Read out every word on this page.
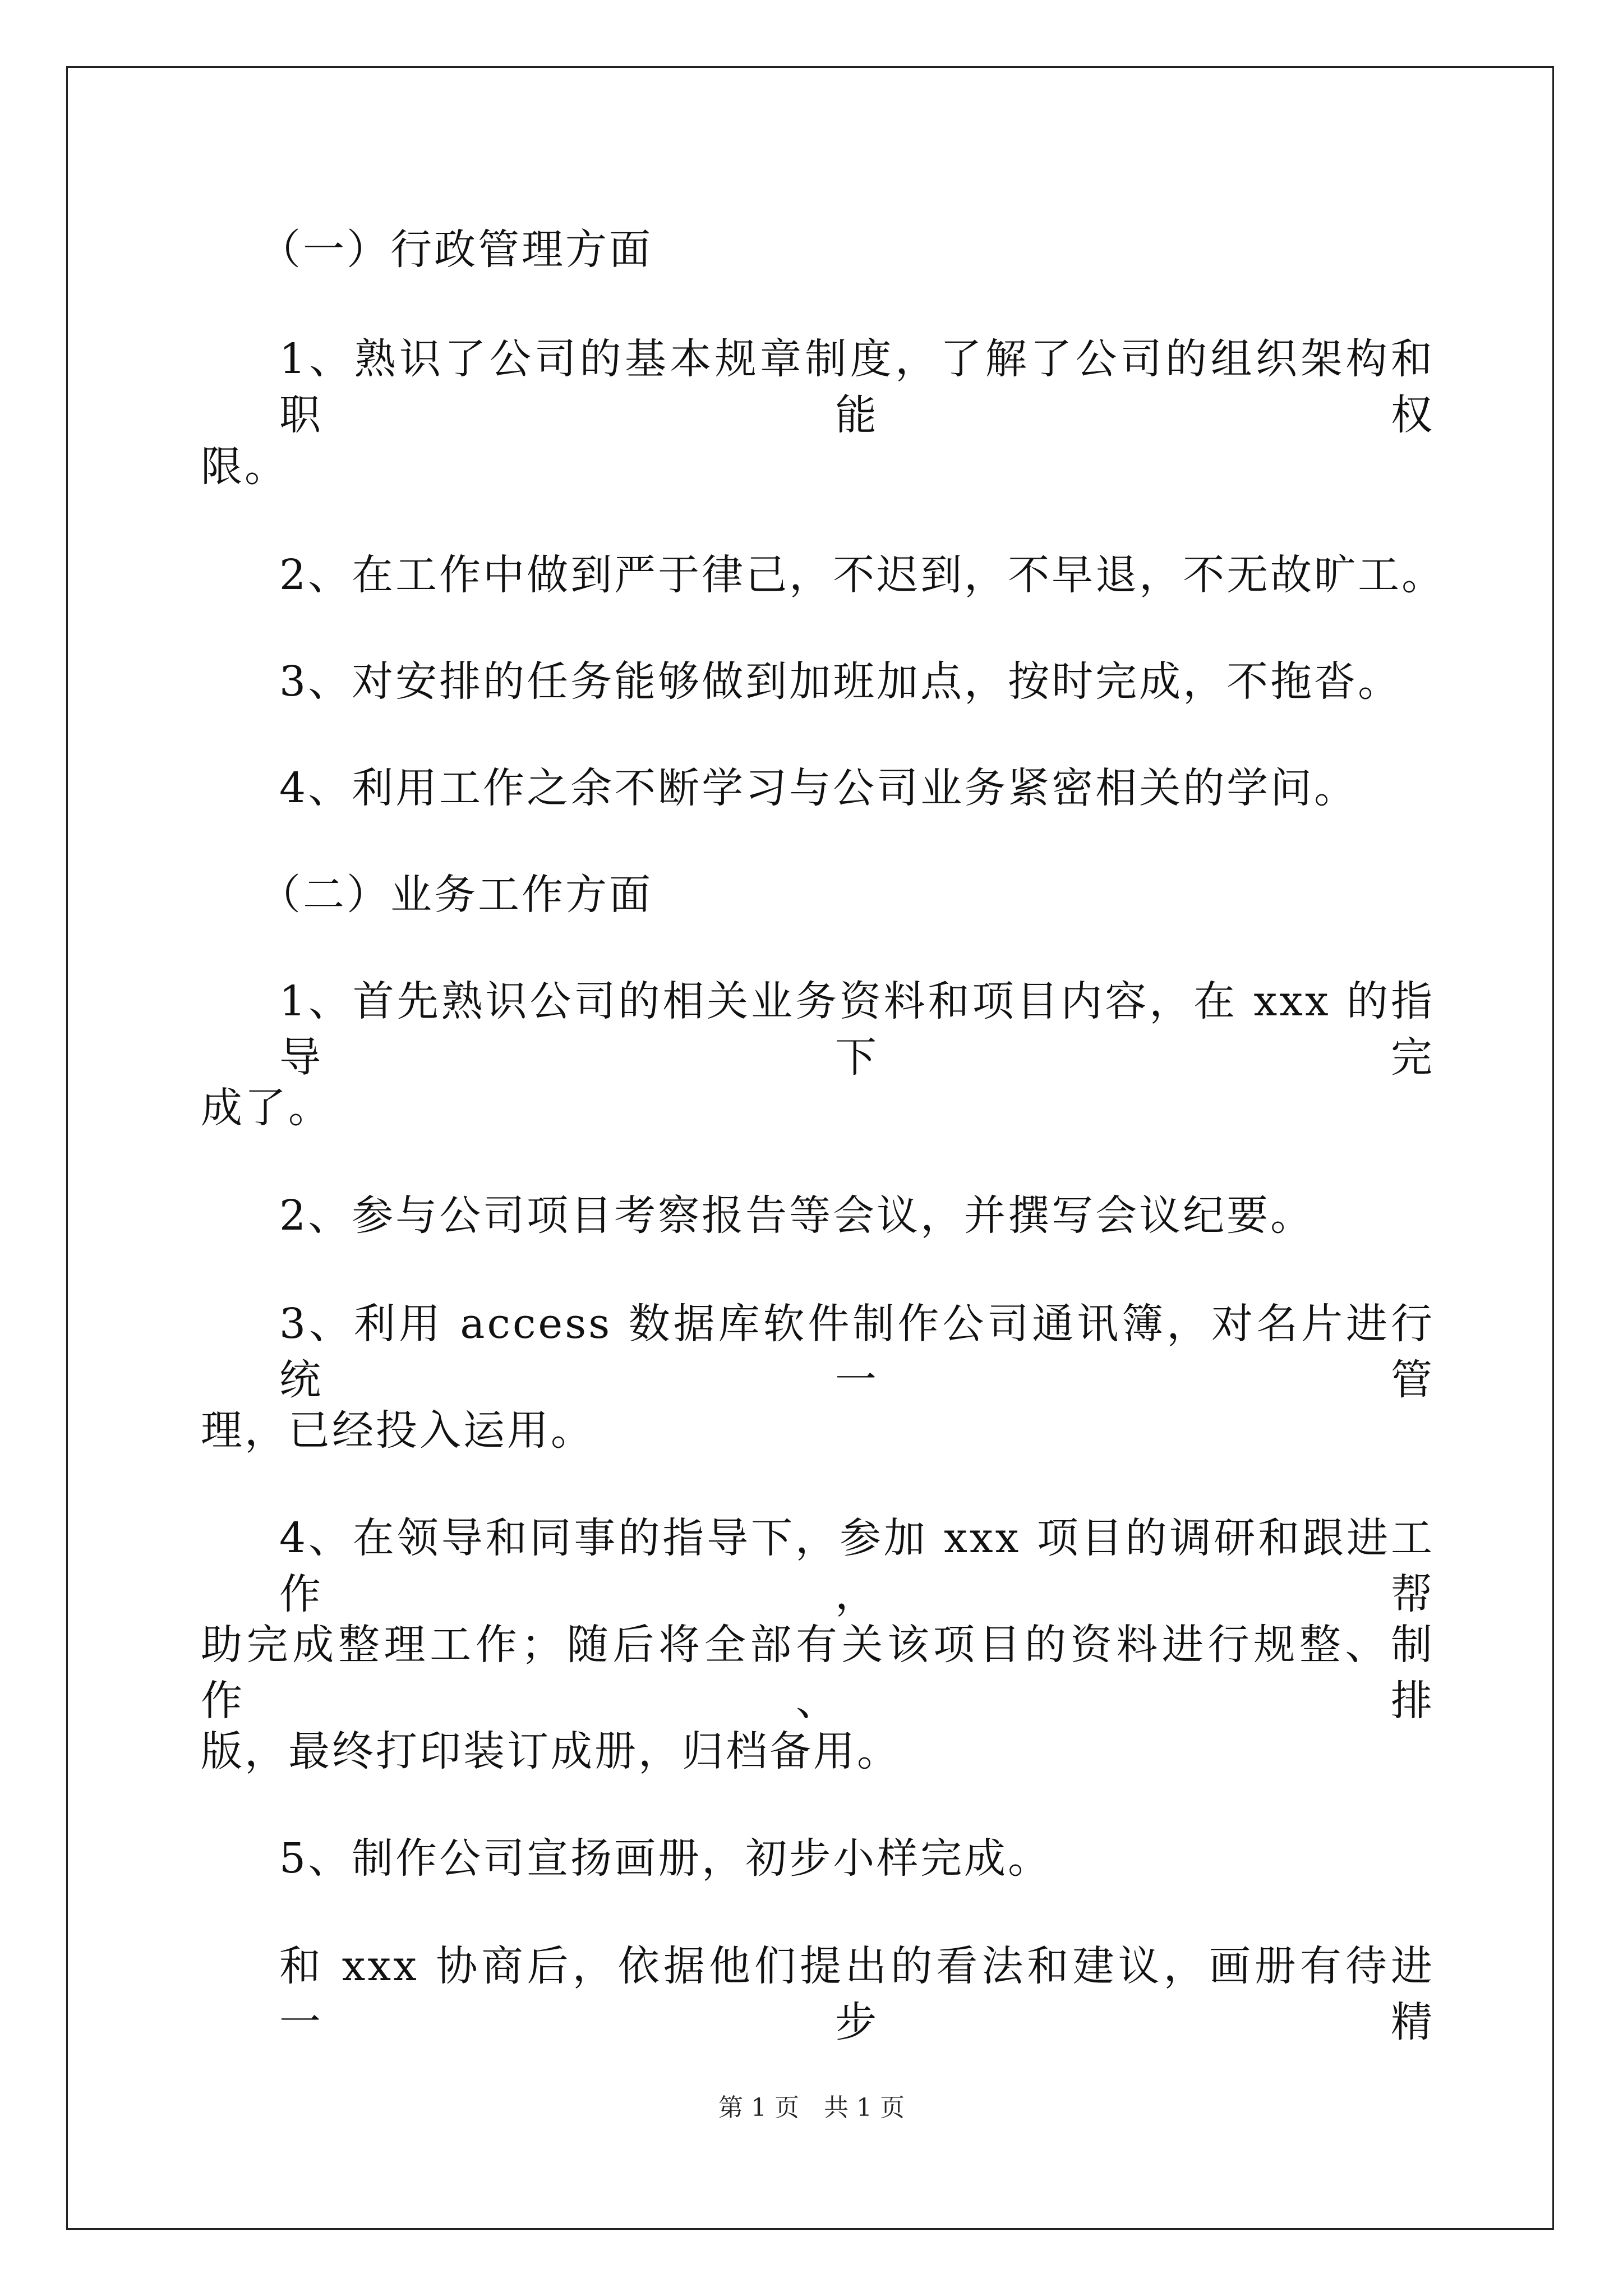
（一）行政管理方面
1、熟识了公司的基本规章制度，了解了公司的组织架构和职能权
限。
2、在工作中做到严于律己，不迟到，不早退，不无故旷工。
3、对安排的任务能够做到加班加点，按时完成，不拖沓。
4、利用工作之余不断学习与公司业务紧密相关的学问。
（二）业务工作方面
1、首先熟识公司的相关业务资料和项目内容，在 xxx 的指导下完
成了。
2、参与公司项目考察报告等会议，并撰写会议纪要。
3、利用 access 数据库软件制作公司通讯簿，对名片进行统一管
理，已经投入运用。
4、在领导和同事的指导下，参加 xxx 项目的调研和跟进工作，帮
助完成整理工作；随后将全部有关该项目的资料进行规整、制作、排
版，最终打印装订成册，归档备用。
5、制作公司宣扬画册，初步小样完成。
和 xxx 协商后，依据他们提出的看法和建议，画册有待进一步精
第 1 页　共 1 页
